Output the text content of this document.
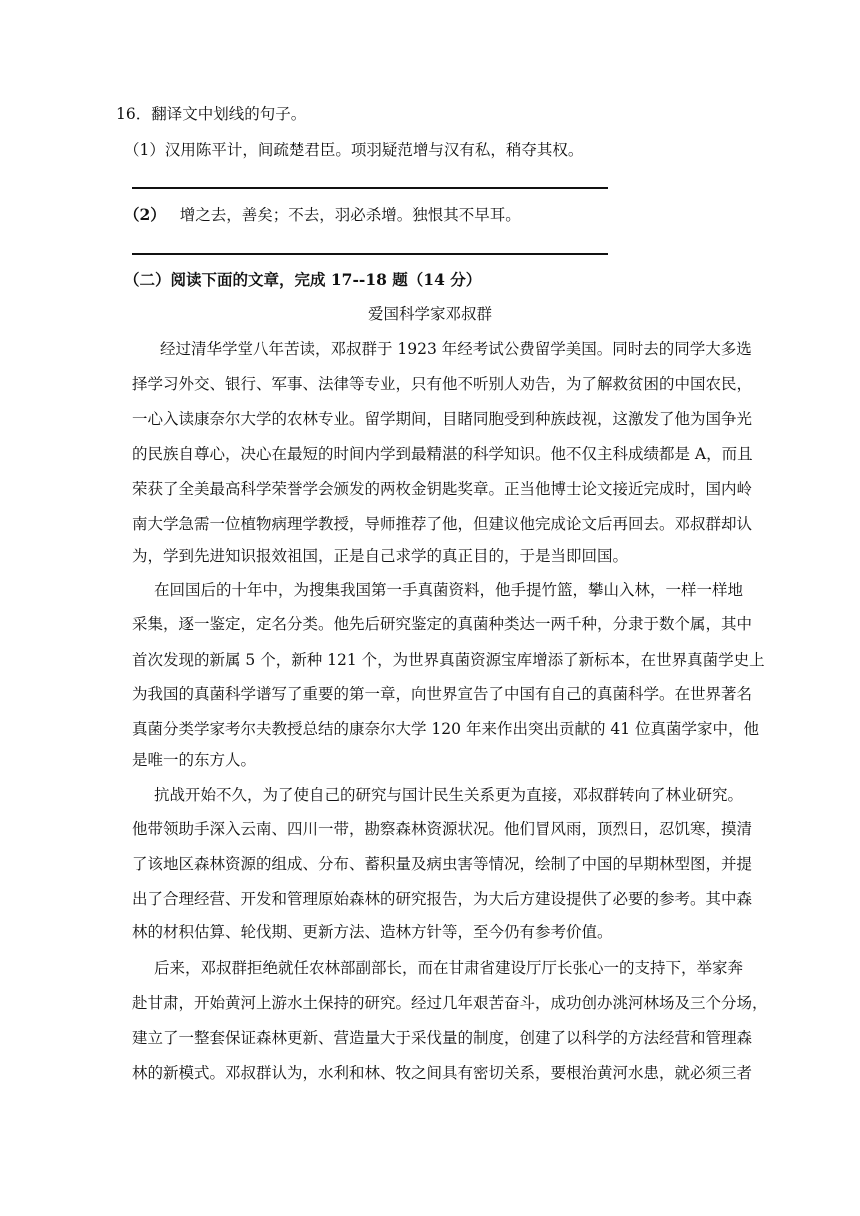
16．翻译文中划线的句子。
（1）汉用陈平计，间疏楚君臣。项羽疑范增与汉有私，稍夺其权。
（2） 增之去，善矣；不去，羽必杀增。独恨其不早耳。
（二）阅读下面的文章，完成 17--18 题（14 分）
爱国科学家邓叔群
经过清华学堂八年苦读，邓叔群于 1923 年经考试公费留学美国。同时去的同学大多选
择学习外交、银行、军事、法律等专业，只有他不听别人劝告，为了解救贫困的中国农民，
一心入读康奈尔大学的农林专业。留学期间，目睹同胞受到种族歧视，这激发了他为国争光
的民族自尊心，决心在最短的时间内学到最精湛的科学知识。他不仅主科成绩都是 A，而且
荣获了全美最高科学荣誉学会颁发的两枚金钥匙奖章。正当他博士论文接近完成时，国内岭
南大学急需一位植物病理学教授，导师推荐了他，但建议他完成论文后再回去。邓叔群却认
为，学到先进知识报效祖国，正是自己求学的真正目的，于是当即回国。
在回国后的十年中，为搜集我国第一手真菌资料，他手提竹篮，攀山入林，一样一样地
采集，逐一鉴定，定名分类。他先后研究鉴定的真菌种类达一两千种，分隶于数个属，其中
首次发现的新属 5 个，新种 121 个，为世界真菌资源宝库增添了新标本，在世界真菌学史上
为我国的真菌科学谱写了重要的第一章，向世界宣告了中国有自己的真菌科学。在世界著名
真菌分类学家考尔夫教授总结的康奈尔大学 120 年来作出突出贡献的 41 位真菌学家中，他
是唯一的东方人。
抗战开始不久，为了使自己的研究与国计民生关系更为直接，邓叔群转向了林业研究。
他带领助手深入云南、四川一带，勘察森林资源状况。他们冒风雨，顶烈日，忍饥寒，摸清
了该地区森林资源的组成、分布、蓄积量及病虫害等情况，绘制了中国的早期林型图，并提
出了合理经营、开发和管理原始森林的研究报告，为大后方建设提供了必要的参考。其中森
林的材积估算、轮伐期、更新方法、造林方针等，至今仍有参考价值。
后来，邓叔群拒绝就任农林部副部长，而在甘肃省建设厅厅长张心一的支持下，举家奔
赴甘肃，开始黄河上游水土保持的研究。经过几年艰苦奋斗，成功创办洮河林场及三个分场，
建立了一整套保证森林更新、营造量大于采伐量的制度，创建了以科学的方法经营和管理森
林的新模式。邓叔群认为，水利和林、牧之间具有密切关系，要根治黄河水患，就必须三者
